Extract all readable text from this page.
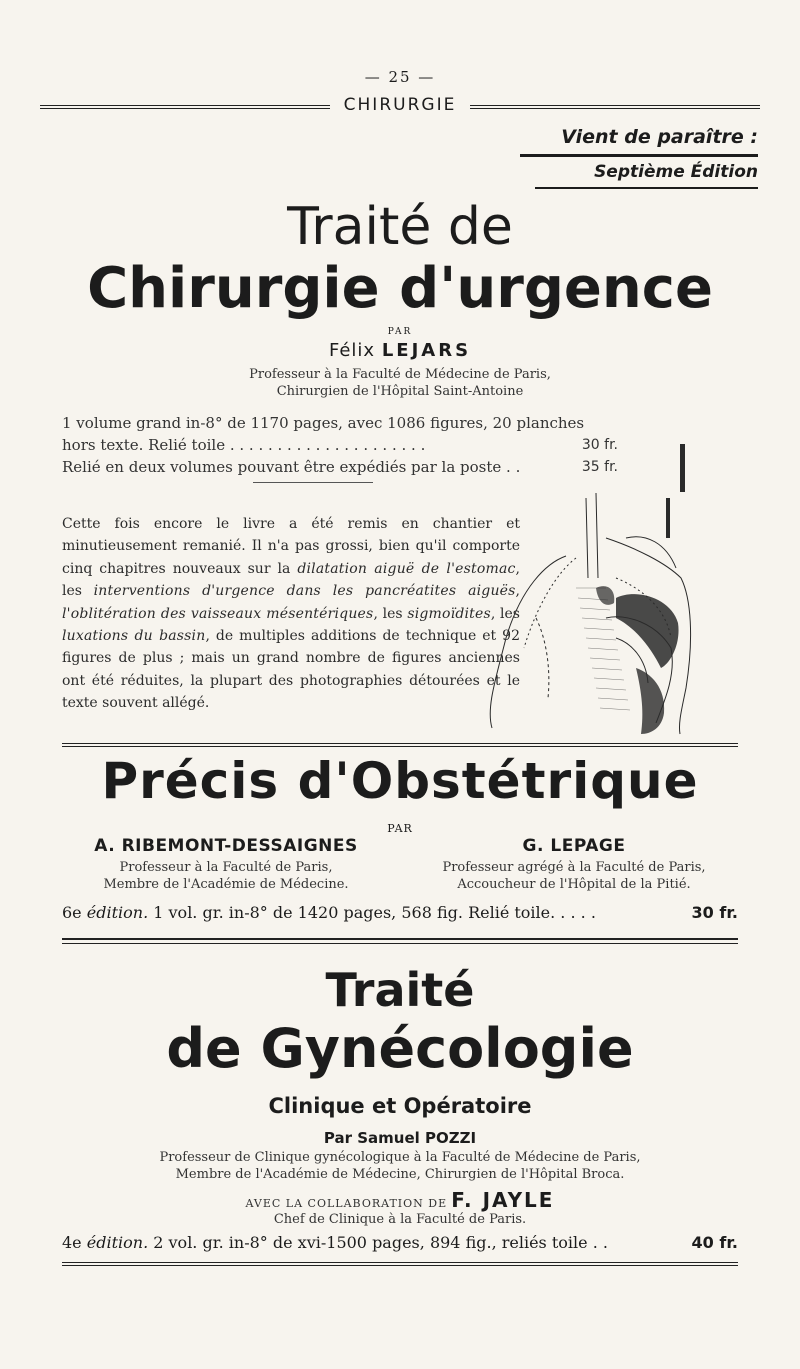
— 25 —
CHIRURGIE
Vient de paraître :
Septième Édition
Traité de
Chirurgie d'urgence
PAR
Félix LEJARS
Professeur à la Faculté de Médecine de Paris,
Chirurgien de l'Hôpital Saint-Antoine
1 volume grand in-8° de 1170 pages, avec 1086 figures, 20 planches
hors texte. Relié toile . . . . . . . . . . . . . . . . . . . . .	30 fr.
Relié en deux volumes pouvant être expédiés par la poste . .	35 fr.
Cette fois encore le livre a été remis en chantier et minutieusement remanié. Il n'a pas grossi, bien qu'il comporte cinq chapitres nouveaux sur la dilatation aiguë de l'estomac, les interventions d'urgence dans les pancréatites aiguës, l'oblitération des vaisseaux mésentériques, les sigmoïdites, les luxations du bassin, de multiples additions de technique et 92 figures de plus ; mais un grand nombre de figures anciennes ont été réduites, la plupart des photographies détourées et le texte souvent allégé.
Précis d'Obstétrique
PAR
A. RIBEMONT-DESSAIGNES
Professeur à la Faculté de Paris,
Membre de l'Académie de Médecine.
G. LEPAGE
Professeur agrégé à la Faculté de Paris,
Accoucheur de l'Hôpital de la Pitié.
6e édition. 1 vol. gr. in-8° de 1420 pages, 568 fig. Relié toile. . . . .	30 fr.
Traité
de Gynécologie
Clinique et Opératoire
Par Samuel POZZI
Professeur de Clinique gynécologique à la Faculté de Médecine de Paris,
Membre de l'Académie de Médecine, Chirurgien de l'Hôpital Broca.
AVEC LA COLLABORATION DE F. JAYLE
Chef de Clinique à la Faculté de Paris.
4e édition. 2 vol. gr. in-8° de xvi-1500 pages, 894 fig., reliés toile . .	40 fr.
